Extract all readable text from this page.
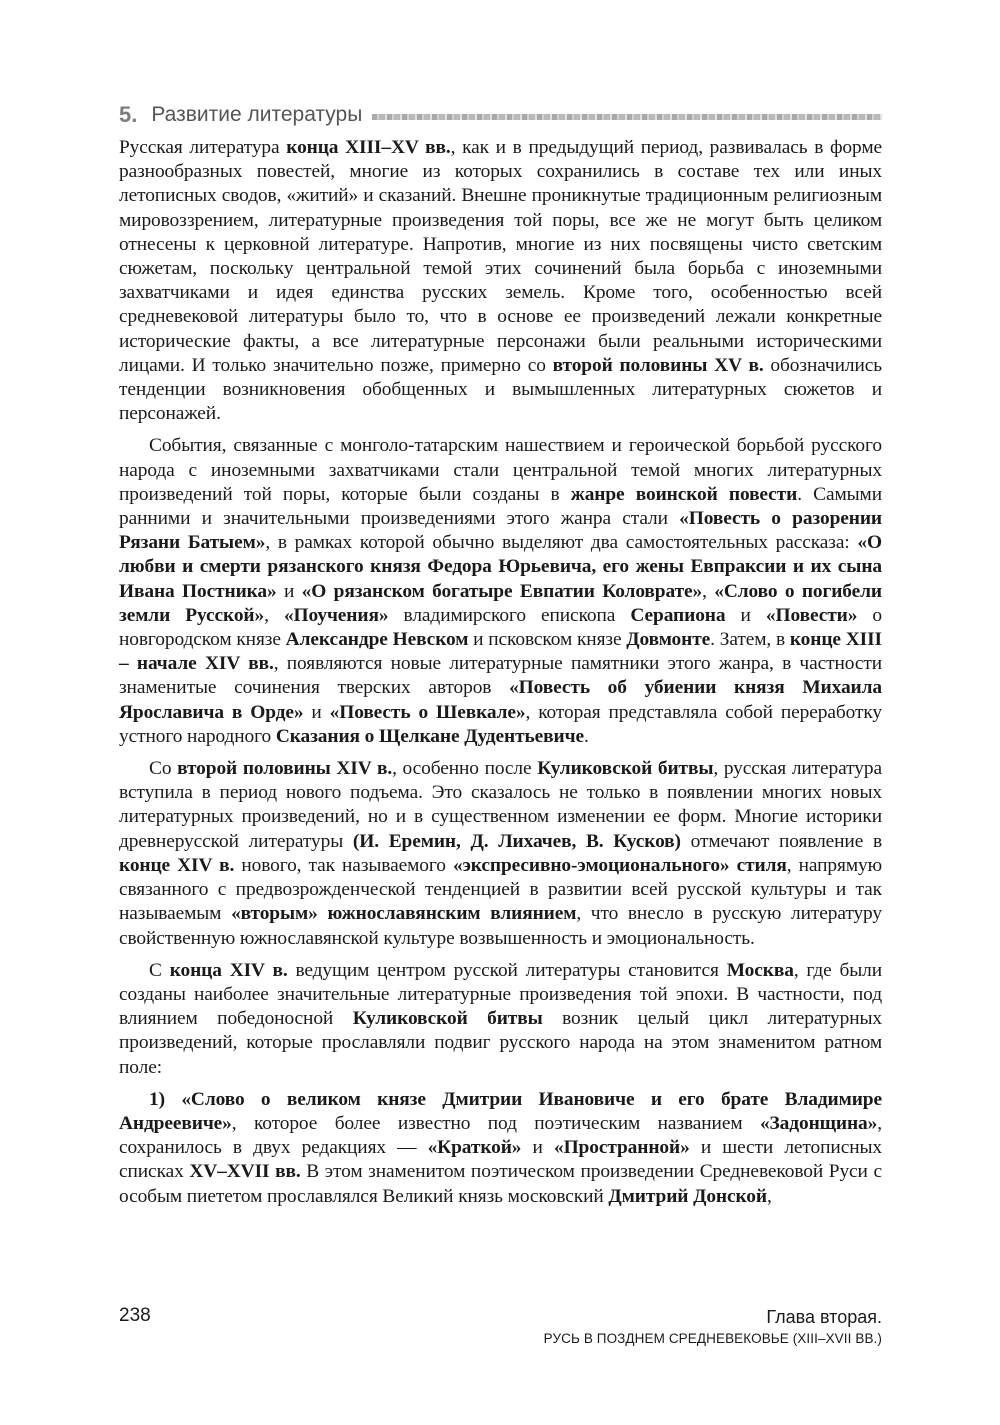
5. Развитие литературы

Русская литература конца XIII–XV вв., как и в предыдущий период, развивалась в форме разнообразных повестей, многие из которых сохранились в составе тех или иных летописных сводов, «житий» и сказаний. Внешне проникнутые традиционным религиозным мировоззрением, литературные произведения той поры, все же не могут быть целиком отнесены к церковной литературе. Напротив, многие из них посвящены чисто светским сюжетам, поскольку центральной темой этих сочинений была борьба с иноземными захватчиками и идея единства русских земель. Кроме того, особенностью всей средневековой литературы было то, что в основе ее произведений лежали конкретные исторические факты, а все литературные персонажи были реальными историческими лицами. И только значительно позже, примерно со второй половины XV в. обозначились тенденции возникновения обобщенных и вымышленных литературных сюжетов и персонажей.

События, связанные с монголо-татарским нашествием и героической борьбой русского народа с иноземными захватчиками стали центральной темой многих литературных произведений той поры, которые были созданы в жанре воинской повести. Самыми ранними и значительными произведениями этого жанра стали «Повесть о разорении Рязани Батыем», в рамках которой обычно выделяют два самостоятельных рассказа: «О любви и смерти рязанского князя Федора Юрьевича, его жены Евпраксии и их сына Ивана Постника» и «О рязанском богатыре Евпатии Коловрате», «Слово о погибели земли Русской», «Поучения» владимирского епископа Серапиона и «Повести» о новгородском князе Александре Невском и псковском князе Довмонте. Затем, в конце XIII – начале XIV вв., появляются новые литературные памятники этого жанра, в частности знаменитые сочинения тверских авторов «Повесть об убиении князя Михаила Ярославича в Орде» и «Повесть о Шевкале», которая представляла собой переработку устного народного Сказания о Щелкане Дудентьевиче.

Со второй половины XIV в., особенно после Куликовской битвы, русская литература вступила в период нового подъема. Это сказалось не только в появлении многих новых литературных произведений, но и в существенном изменении ее форм. Многие историки древнерусской литературы (И. Еремин, Д. Лихачев, В. Кусков) отмечают появление в конце XIV в. нового, так называемого «экспресивно-эмоционального» стиля, напрямую связанного с предвозрожденческой тенденцией в развитии всей русской культуры и так называемым «вторым» южнославянским влиянием, что внесло в русскую литературу свойственную южнославянской культуре возвышенность и эмоциональность.

С конца XIV в. ведущим центром русской литературы становится Москва, где были созданы наиболее значительные литературные произведения той эпохи. В частности, под влиянием победоносной Куликовской битвы возник целый цикл литературных произведений, которые прославляли подвиг русского народа на этом знаменитом ратном поле:

1) «Слово о великом князе Дмитрии Ивановиче и его брате Владимире Андреевиче», которое более известно под поэтическим названием «Задонщина», сохранилось в двух редакциях — «Краткой» и «Пространной» и шести летописных списках XV–XVII вв. В этом знаменитом поэтическом произведении Средневековой Руси с особым пиететом прославлялся Великий князь московский Дмитрий Донской,

238	Глава вторая.
РУСЬ В ПОЗДНЕМ СРЕДНЕВЕКОВЬЕ (XIII–XVII ВВ.)
